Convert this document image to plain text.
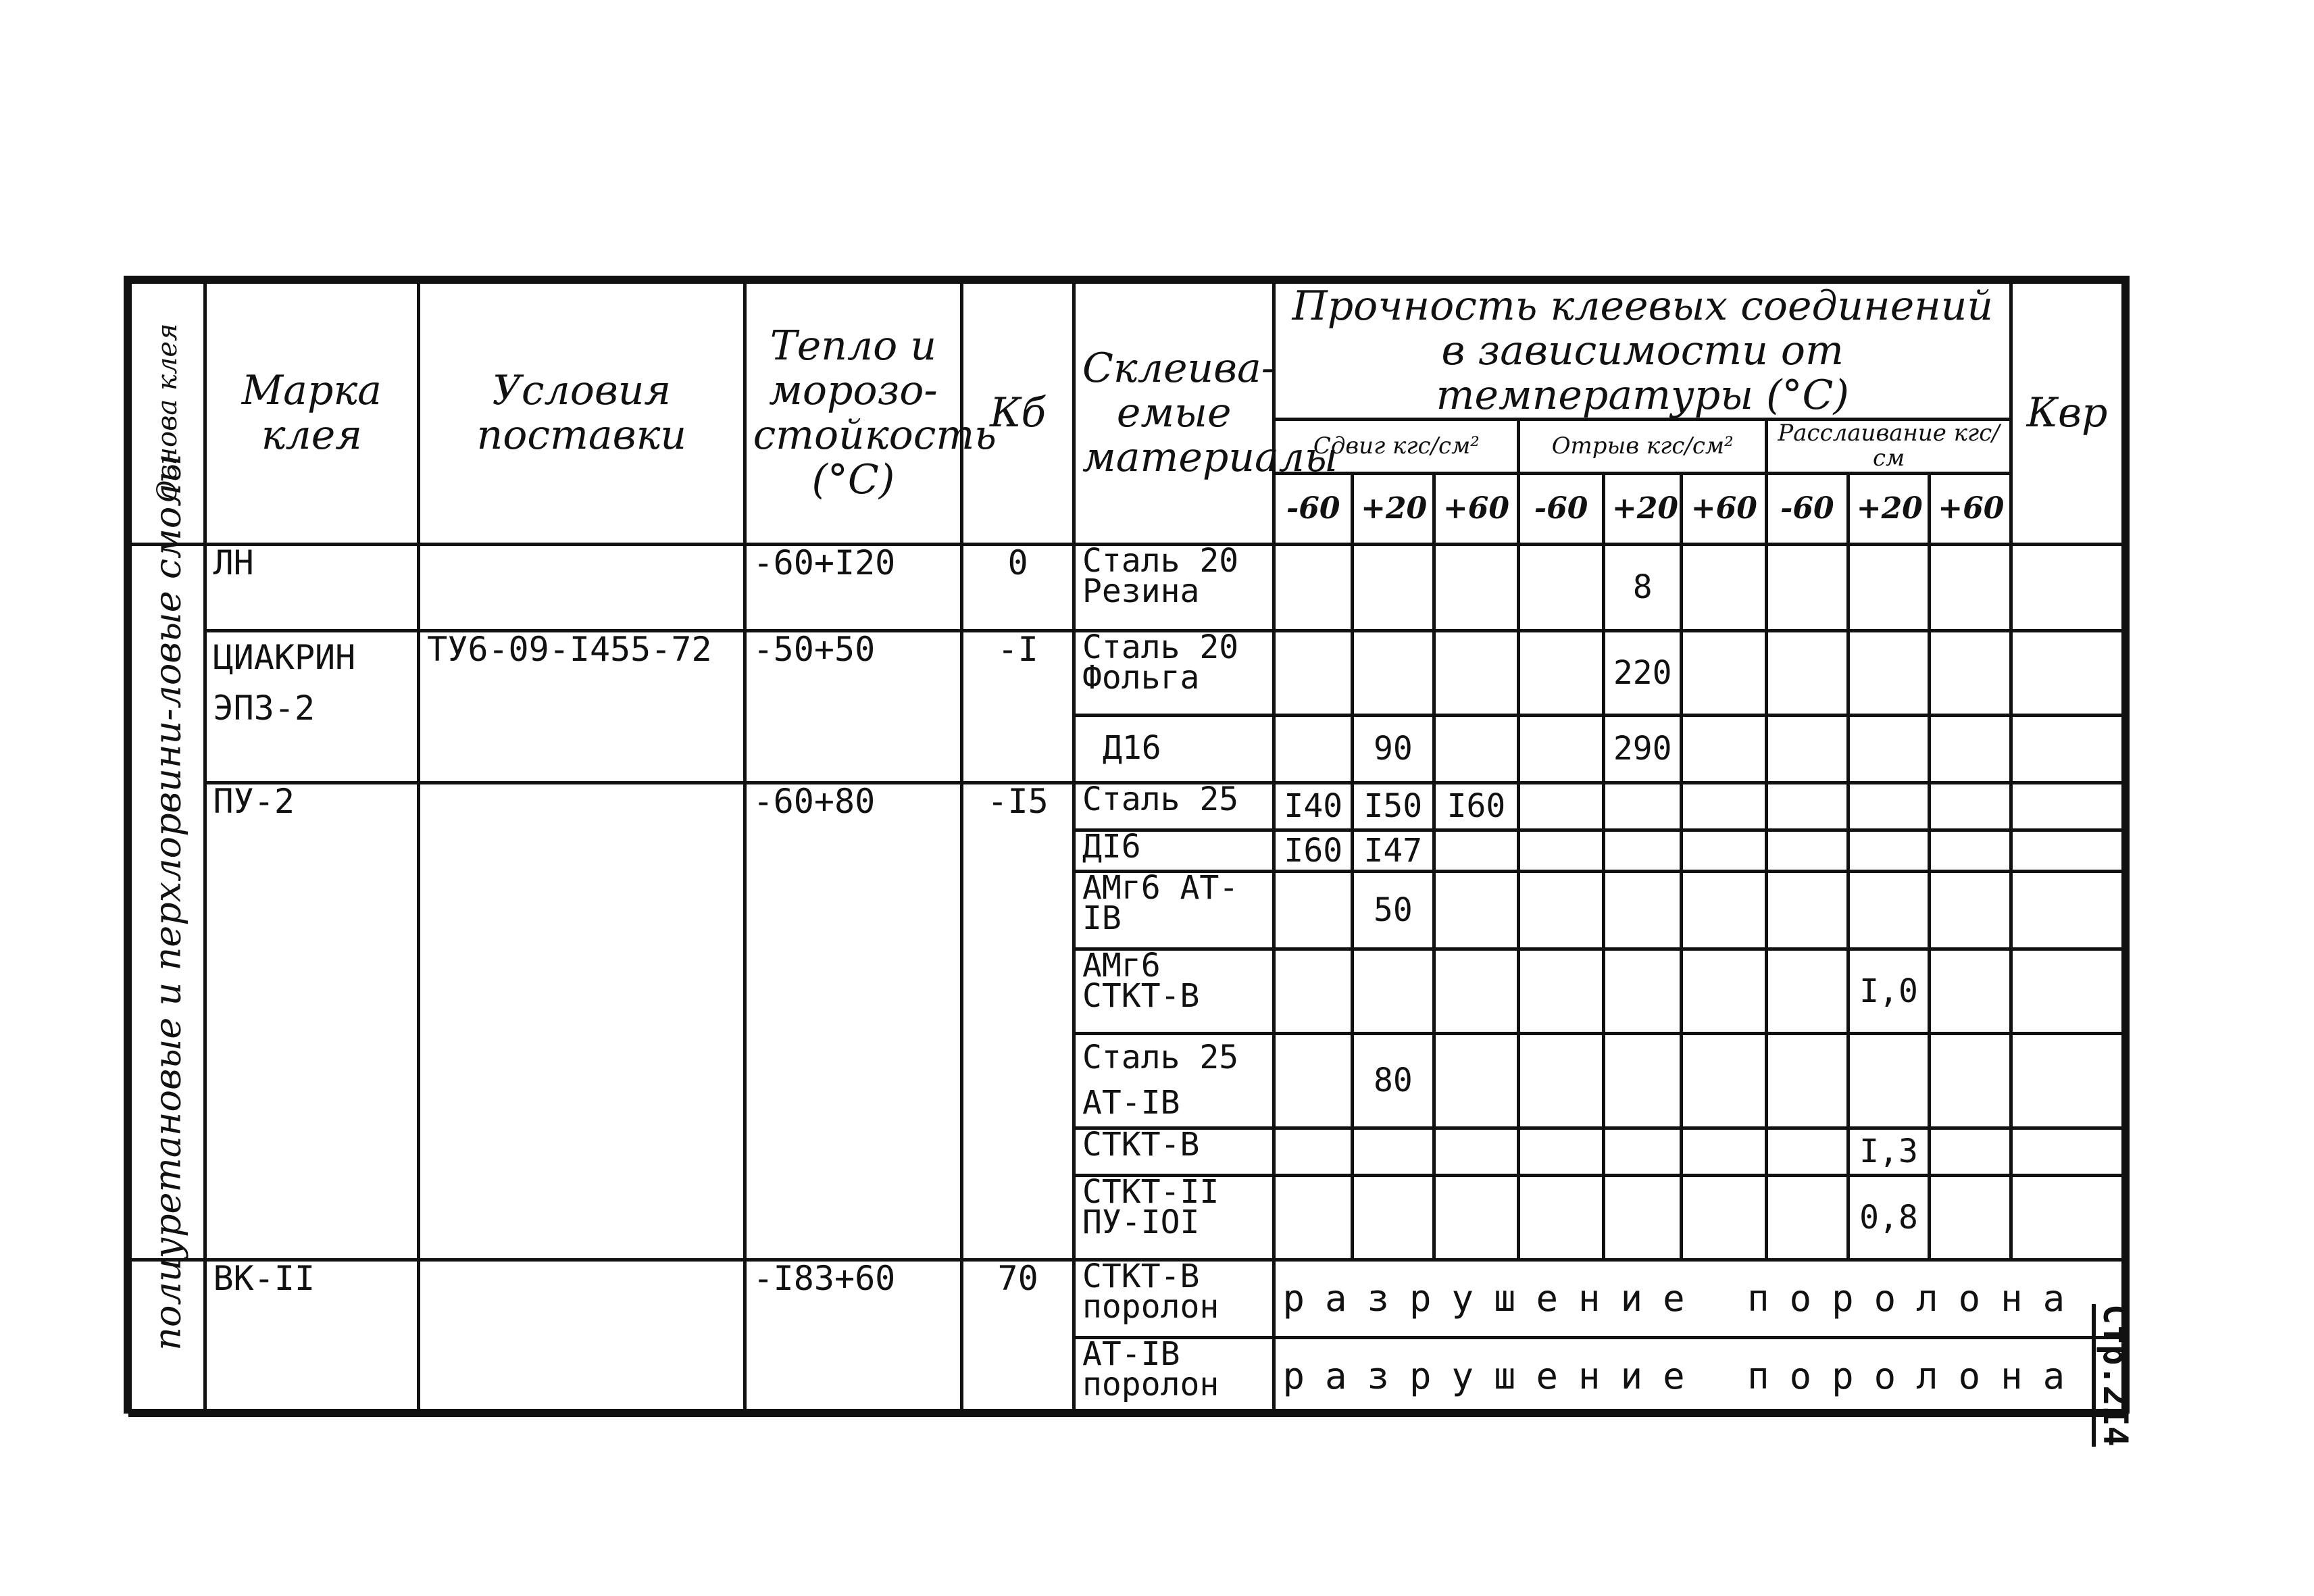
Основа клея	Марка клея	Условия поставки	Тепло и морозо-стойкость (°С)	Кб	Склеива-емые материалы	Прочность клеевых соединений в зависимости от температуры (°С)									Квр
						Сдвиг кгс/см²			Отрыв кгс/см²			Расслаивание кгс/см			
						-60	+20	+60	-60	+20	+60	-60	+20	+60	

полиуретановые и перхлорвини-ловые смолы	ЛН		-60+I20	0	Сталь 20 Резина					8					
	ЦИАКРИН ЭПЗ-2	ТУ6-09-I455-72	-50+50	-I	Сталь 20 Фольга					220					
					Д16		90			290					
	ПУ-2		-60+80	-I5	Сталь 25	I40	I50	I60							
					ДI6	I60	I47								
					АМг6 АТ-IВ		50								
					АМг6 СТКТ-В								I,0		
					Сталь 25 АТ-IВ		80								
					СТКТ-В								I,3		
					СТКТ-II ПУ-IOI								0,8		
	ВК-II		-I83+60	70	СТКТ-В поролон	разрушение поролона									
					АТ-IВ поролон	разрушение поролона									Стр.2I4
